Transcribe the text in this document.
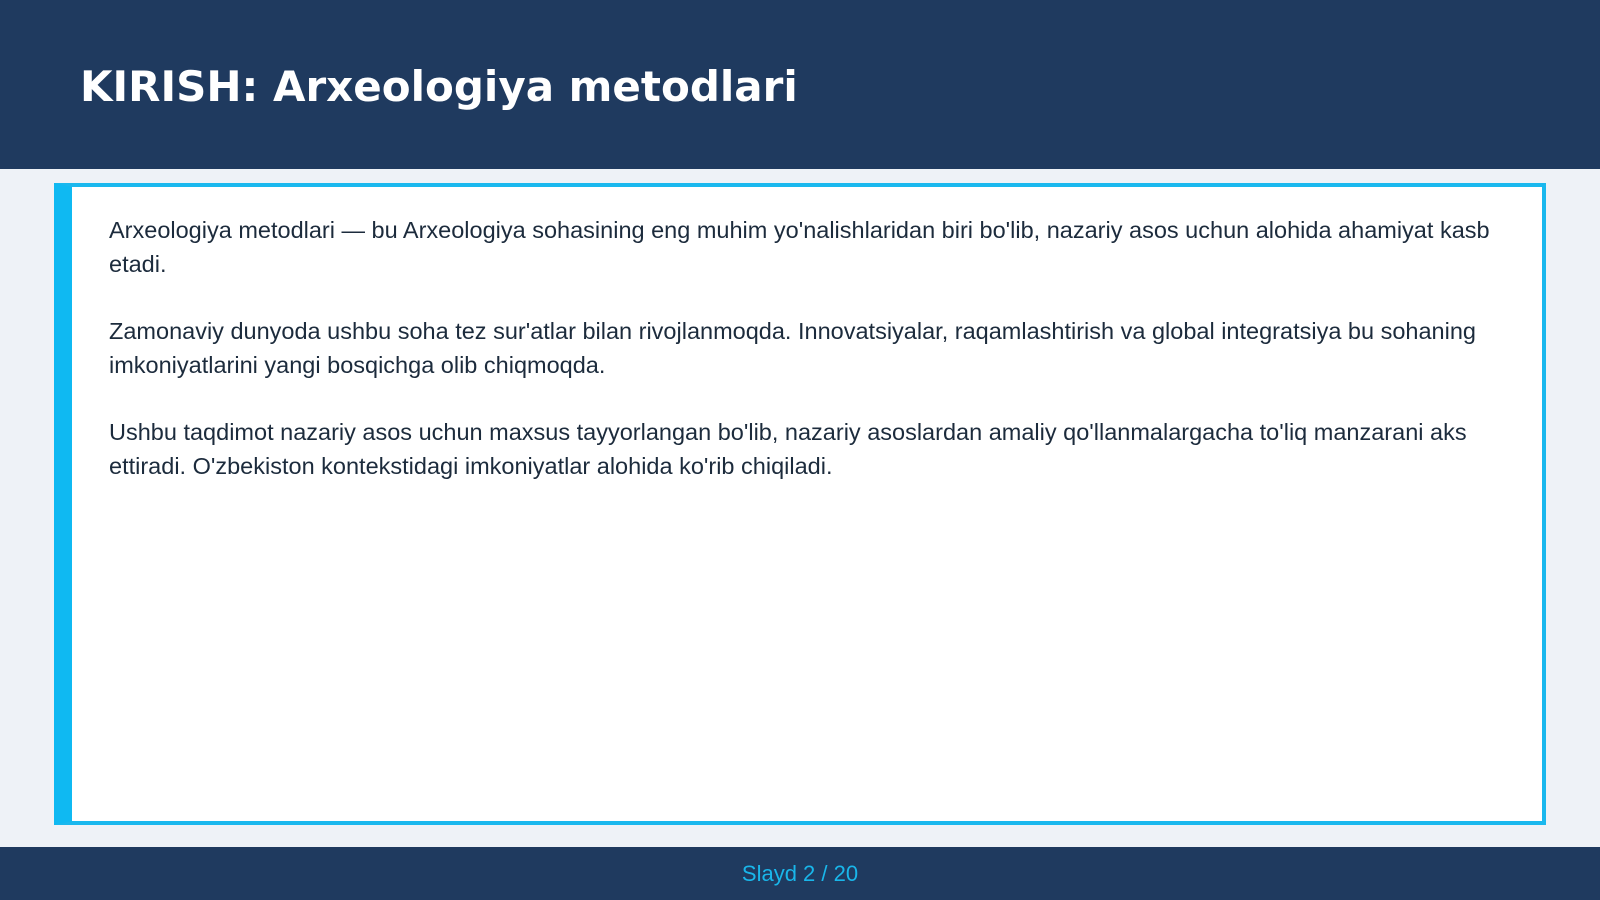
KIRISH: Arxeologiya metodlari

Arxeologiya metodlari — bu Arxeologiya sohasining eng muhim yo'nalishlaridan biri bo'lib, nazariy asos uchun alohida ahamiyat kasb etadi.

Zamonaviy dunyoda ushbu soha tez sur'atlar bilan rivojlanmoqda. Innovatsiyalar, raqamlashtirish va global integratsiya bu sohaning imkoniyatlarini yangi bosqichga olib chiqmoqda.

Ushbu taqdimot nazariy asos uchun maxsus tayyorlangan bo'lib, nazariy asoslardan amaliy qo'llanmalargacha to'liq manzarani aks ettiradi. O'zbekiston kontekstidagi imkoniyatlar alohida ko'rib chiqiladi.

Slayd 2 / 20
